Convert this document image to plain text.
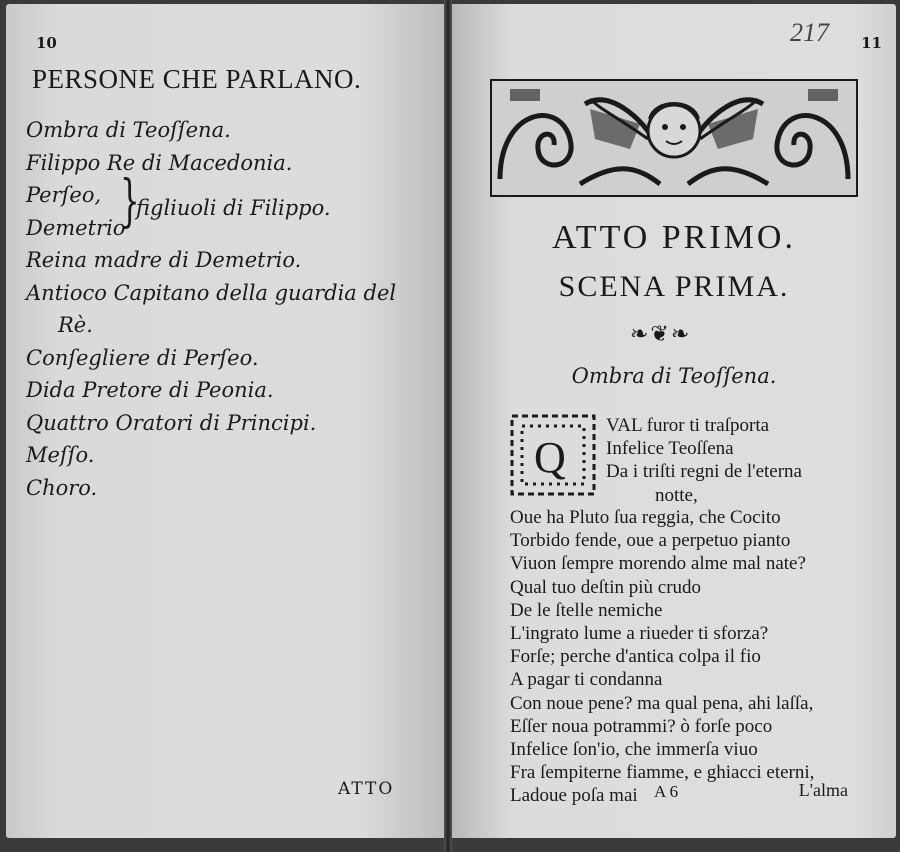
10
PERSONE CHE PARLANO.
Ombra di Teoſſena.
Filippo Re di Macedonia.
Perſeo,
Demetrio
}
figliuoli di Filippo.
Reina madre di Demetrio.
Antioco Capitano della guardia del
Rè.
Conſegliere di Perſeo.
Dida Pretore di Peonia.
Quattro Oratori di Principi.
Meſſo.
Choro.
ATTO
11
ATTO PRIMO.
SCENA PRIMA.
❧❦❧
Ombra di Teoſſena.
Q
VAL furor ti traſporta
Infelice Teoſſena
Da i triſti regni de l'eterna
notte,
Oue ha Pluto ſua reggia, che Cocito
Torbido fende, oue a perpetuo pianto
Viuon ſempre morendo alme mal nate?
Qual tuo deſtin più crudo
De le ſtelle nemiche
L'ingrato lume a riueder ti sforza?
Forſe; perche d'antica colpa il fio
A pagar ti condanna
Con noue pene? ma qual pena, ahi laſſa,
Eſſer noua potrammi? ò forſe poco
Infelice ſon'io, che immerſa viuo
Fra ſempiterne fiamme, e ghiacci eterni,
Ladoue poſa mai A 6	L'alma
217
